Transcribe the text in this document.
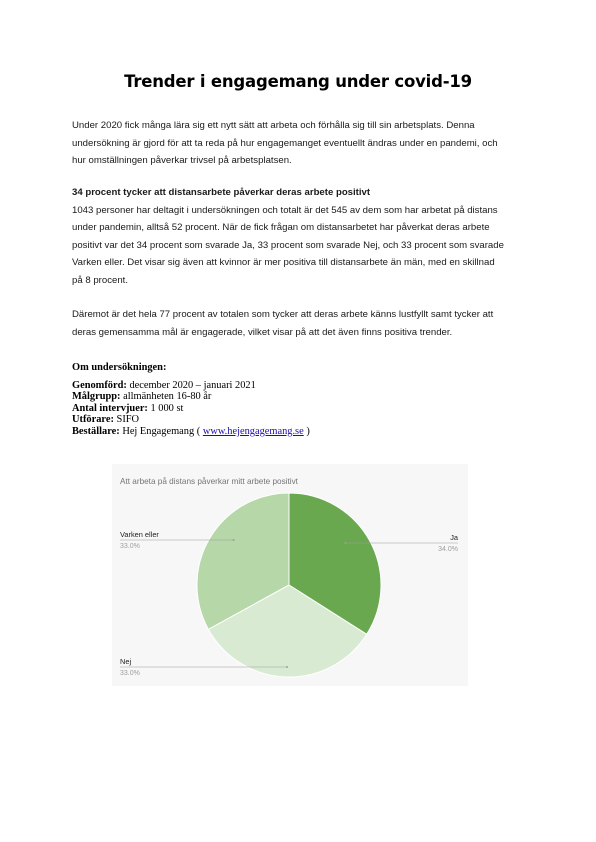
Trender i engagemang under covid-19
Under 2020 fick många lära sig ett nytt sätt att arbeta och förhålla sig till sin arbetsplats. Denna
undersökning är gjord för att ta reda på hur engagemanget eventuellt ändras under en pandemi, och
hur omställningen påverkar trivsel på arbetsplatsen.
34 procent tycker att distansarbete påverkar deras arbete positivt
1043 personer har deltagit i undersökningen och totalt är det 545 av dem som har arbetat på distans
under pandemin, alltså 52 procent. När de fick frågan om distansarbetet har påverkat deras arbete
positivt var det 34 procent som svarade Ja, 33 procent som svarade Nej, och 33 procent som svarade
Varken eller. Det visar sig även att kvinnor är mer positiva till distansarbete än män, med en skillnad
på 8 procent.
Däremot är det hela 77 procent av totalen som tycker att deras arbete känns lustfyllt samt tycker att
deras gemensamma mål är engagerade, vilket visar på att det även finns positiva trender.
Om undersökningen:
Genomförd: december 2020 – januari 2021
Målgrupp: allmänheten 16-80 år
Antal intervjuer: 1 000 st
Utförare: SIFO
Beställare: Hej Engagemang ( www.hejengagemang.se )
Att arbeta på distans påverkar mitt arbete positivt
Ja
34.0%
Nej
33.0%
Varken eller
33.0%
